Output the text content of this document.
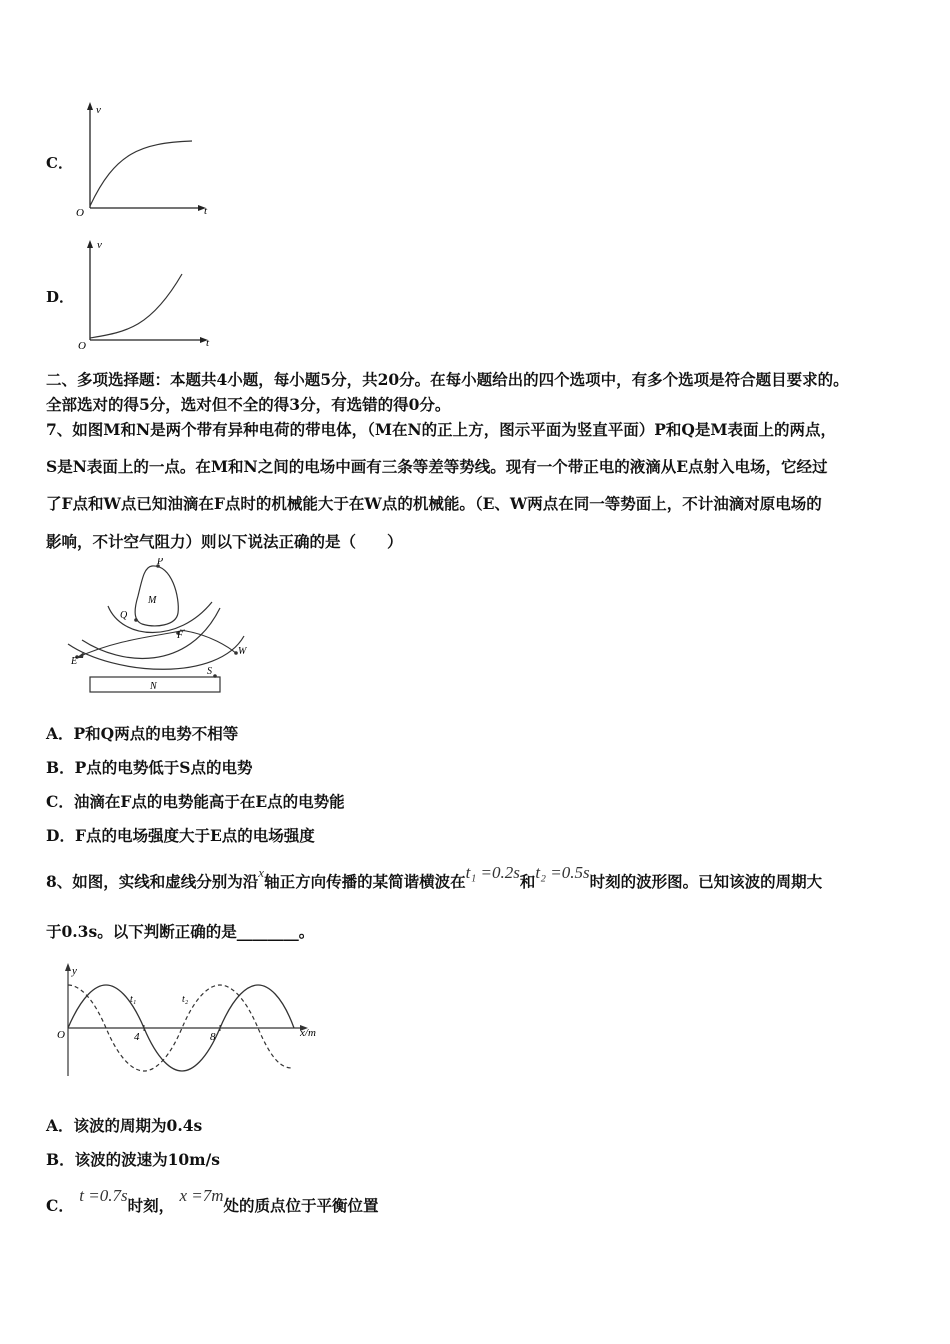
C．
v
t
O
D．
v
t
O
二、多项选择题：本题共4小题，每小题5分，共20分。在每小题给出的四个选项中，有多个选项是符合题目要求的。
全部选对的得5分，选对但不全的得3分，有选错的得0分。
7、如图M和N是两个带有异种电荷的带电体，（M在N的正上方，图示平面为竖直平面）P和Q是M表面上的两点，
S是N表面上的一点。在M和N之间的电场中画有三条等差等势线。现有一个带正电的液滴从E点射入电场，它经过
了F点和W点已知油滴在F点时的机械能大于在W点的机械能。（E、W两点在同一等势面上，不计油滴对原电场的
影响，不计空气阻力）则以下说法正确的是（　　）
P
M
Q
F
E
W
S
N
A．P和Q两点的电势不相等
B．P点的电势低于S点的电势
C．油滴在F点的电势能高于在E点的电势能
D．F点的电场强度大于E点的电场强度
8、如图，实线和虚线分别为沿$^x$轴正方向传播的某简谐横波在t₁ =0.2s和t₂ =0.5s时刻的波形图。已知该波的周期大
于0.3s。以下判断正确的是________。
y
x/m
O	4	8
t₁	t₂
A．该波的周期为0.4s
B．该波的波速为10m/s
C． t =0.7s时刻， x =7m处的质点位于平衡位置
